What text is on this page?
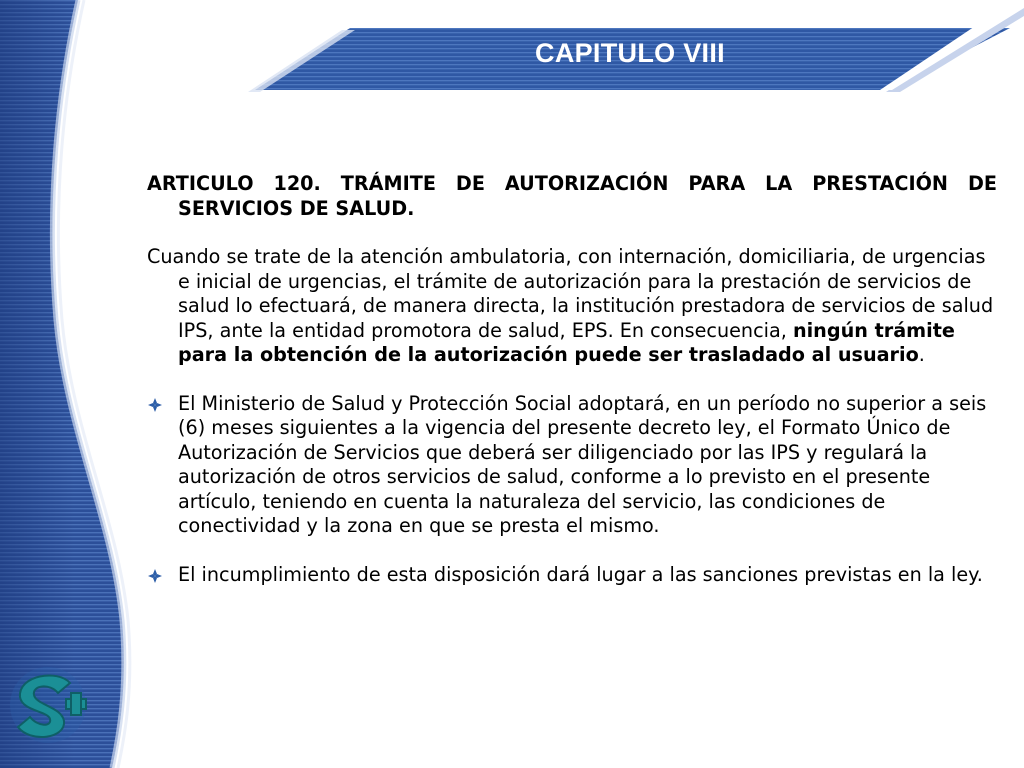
CAPITULO VIII
ARTICULO 120. TRÁMITE DE AUTORIZACIÓN PARA LA PRESTACIÓN DE SERVICIOS DE SALUD.
Cuando se trate de la atención ambulatoria, con internación, domiciliaria, de urgencias e inicial de urgencias, el trámite de autorización para la prestación de servicios de salud lo efectuará, de manera directa, la institución prestadora de servicios de salud IPS, ante la entidad promotora de salud, EPS. En consecuencia, ningún trámite para la obtención de la autorización puede ser trasladado al usuario.
El Ministerio de Salud y Protección Social adoptará, en un período no superior a seis (6) meses siguientes a la vigencia del presente decreto ley, el Formato Único de Autorización de Servicios que deberá ser diligenciado por las IPS y regulará la autorización de otros servicios de salud, conforme a lo previsto en el presente artículo, teniendo en cuenta la naturaleza del servicio, las condiciones de conectividad y la zona en que se presta el mismo.
El incumplimiento de esta disposición dará lugar a las sanciones previstas en la ley.
